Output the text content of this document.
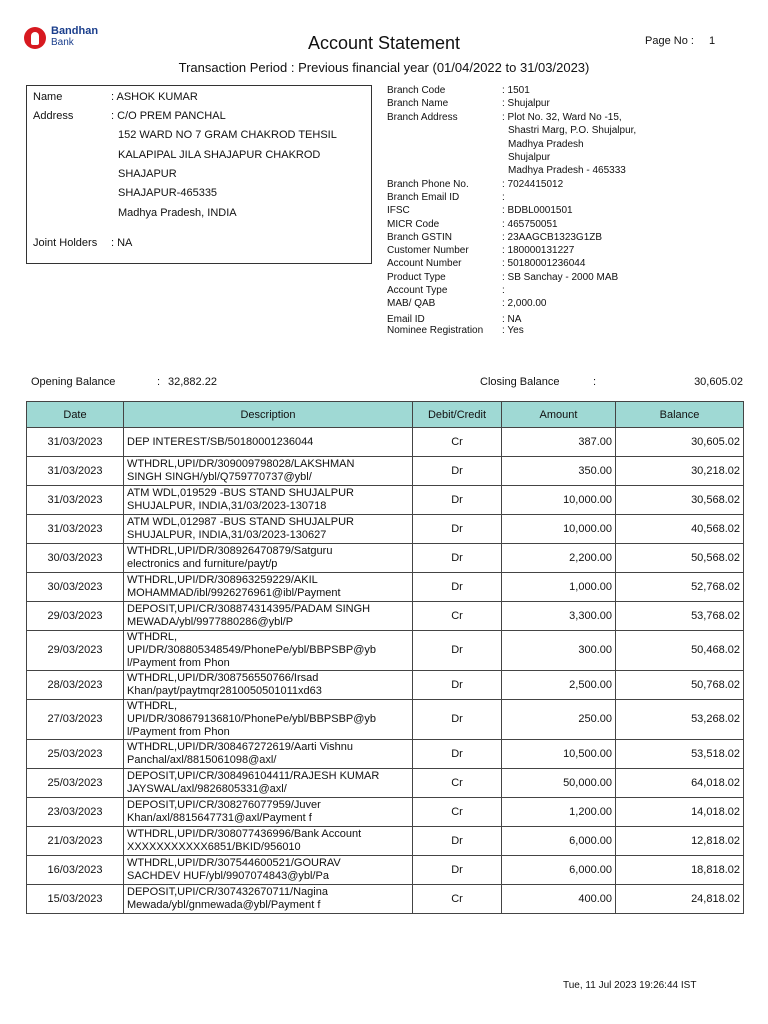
Bandhan
Bank	Account Statement	Page No : 1
Transaction Period : Previous financial year (01/04/2022 to 31/03/2023)
Name	: ASHOK KUMAR
Address	: C/O PREM PANCHAL
152 WARD NO 7 GRAM CHAKROD TEHSIL
KALAPIPAL JILA SHAJAPUR CHAKROD
SHAJAPUR
SHAJAPUR-465335
Madhya Pradesh, INDIA
Joint Holders : NA
Branch Code	: 1501
Branch Name	: Shujalpur
Branch Address	: Plot No. 32, Ward No -15,
Shastri Marg, P.O. Shujalpur,
Madhya Pradesh
Shujalpur
Madhya Pradesh - 465333
Branch Phone No.	: 7024415012
Branch Email ID	:
IFSC	: BDBL0001501
MICR Code	: 465750051
Branch GSTIN	: 23AAGCB1323G1ZB
Customer Number	: 180000131227
Account Number	: 50180001236044
Product Type	: SB Sanchay - 2000 MAB
Account Type	:
MAB/ QAB	: 2,000.00
Email ID	: NA
Nominee Registration : Yes
Opening Balance	: 32,882.22	Closing Balance	:	30,605.02
Date	Description	Debit/Credit	Amount	Balance
31/03/2023	DEP INTEREST/SB/50180001236044	Cr	387.00	30,605.02
31/03/2023	WTHDRL,UPI/DR/309009798028/LAKSHMAN
SINGH SINGH/ybl/Q759770737@ybl/	Dr	350.00	30,218.02
31/03/2023	ATM WDL,019529 -BUS STAND SHUJALPUR
SHUJALPUR, INDIA,31/03/2023-130718	Dr	10,000.00	30,568.02
31/03/2023	ATM WDL,012987 -BUS STAND SHUJALPUR
SHUJALPUR, INDIA,31/03/2023-130627	Dr	10,000.00	40,568.02
30/03/2023	WTHDRL,UPI/DR/308926470879/Satguru
electronics and furniture/payt/p	Dr	2,200.00	50,568.02
30/03/2023	WTHDRL,UPI/DR/308963259229/AKIL
MOHAMMAD/ibl/9926276961@ibl/Payment	Dr	1,000.00	52,768.02
29/03/2023	DEPOSIT,UPI/CR/308874314395/PADAM SINGH
MEWADA/ybl/9977880286@ybl/P	Cr	3,300.00	53,768.02
29/03/2023	WTHDRL,
UPI/DR/308805348549/PhonePe/ybl/BBPSBP@yb
l/Payment from Phon	Dr	300.00	50,468.02
28/03/2023	WTHDRL,UPI/DR/308756550766/Irsad
Khan/payt/paytmqr2810050501011xd63	Dr	2,500.00	50,768.02
27/03/2023	WTHDRL,
UPI/DR/308679136810/PhonePe/ybl/BBPSBP@yb
l/Payment from Phon	Dr	250.00	53,268.02
25/03/2023	WTHDRL,UPI/DR/308467272619/Aarti Vishnu
Panchal/axl/8815061098@axl/	Dr	10,500.00	53,518.02
25/03/2023	DEPOSIT,UPI/CR/308496104411/RAJESH KUMAR
JAYSWAL/axl/9826805331@axl/	Cr	50,000.00	64,018.02
23/03/2023	DEPOSIT,UPI/CR/308276077959/Juver
Khan/axl/8815647731@axl/Payment f	Cr	1,200.00	14,018.02
21/03/2023	WTHDRL,UPI/DR/308077436996/Bank Account
XXXXXXXXXXX6851/BKID/956010	Dr	6,000.00	12,818.02
16/03/2023	WTHDRL,UPI/DR/307544600521/GOURAV
SACHDEV HUF/ybl/9907074843@ybl/Pa	Dr	6,000.00	18,818.02
15/03/2023	DEPOSIT,UPI/CR/307432670711/Nagina
Mewada/ybl/gnmewada@ybl/Payment f	Cr	400.00	24,818.02
Tue, 11 Jul 2023 19:26:44 IST
